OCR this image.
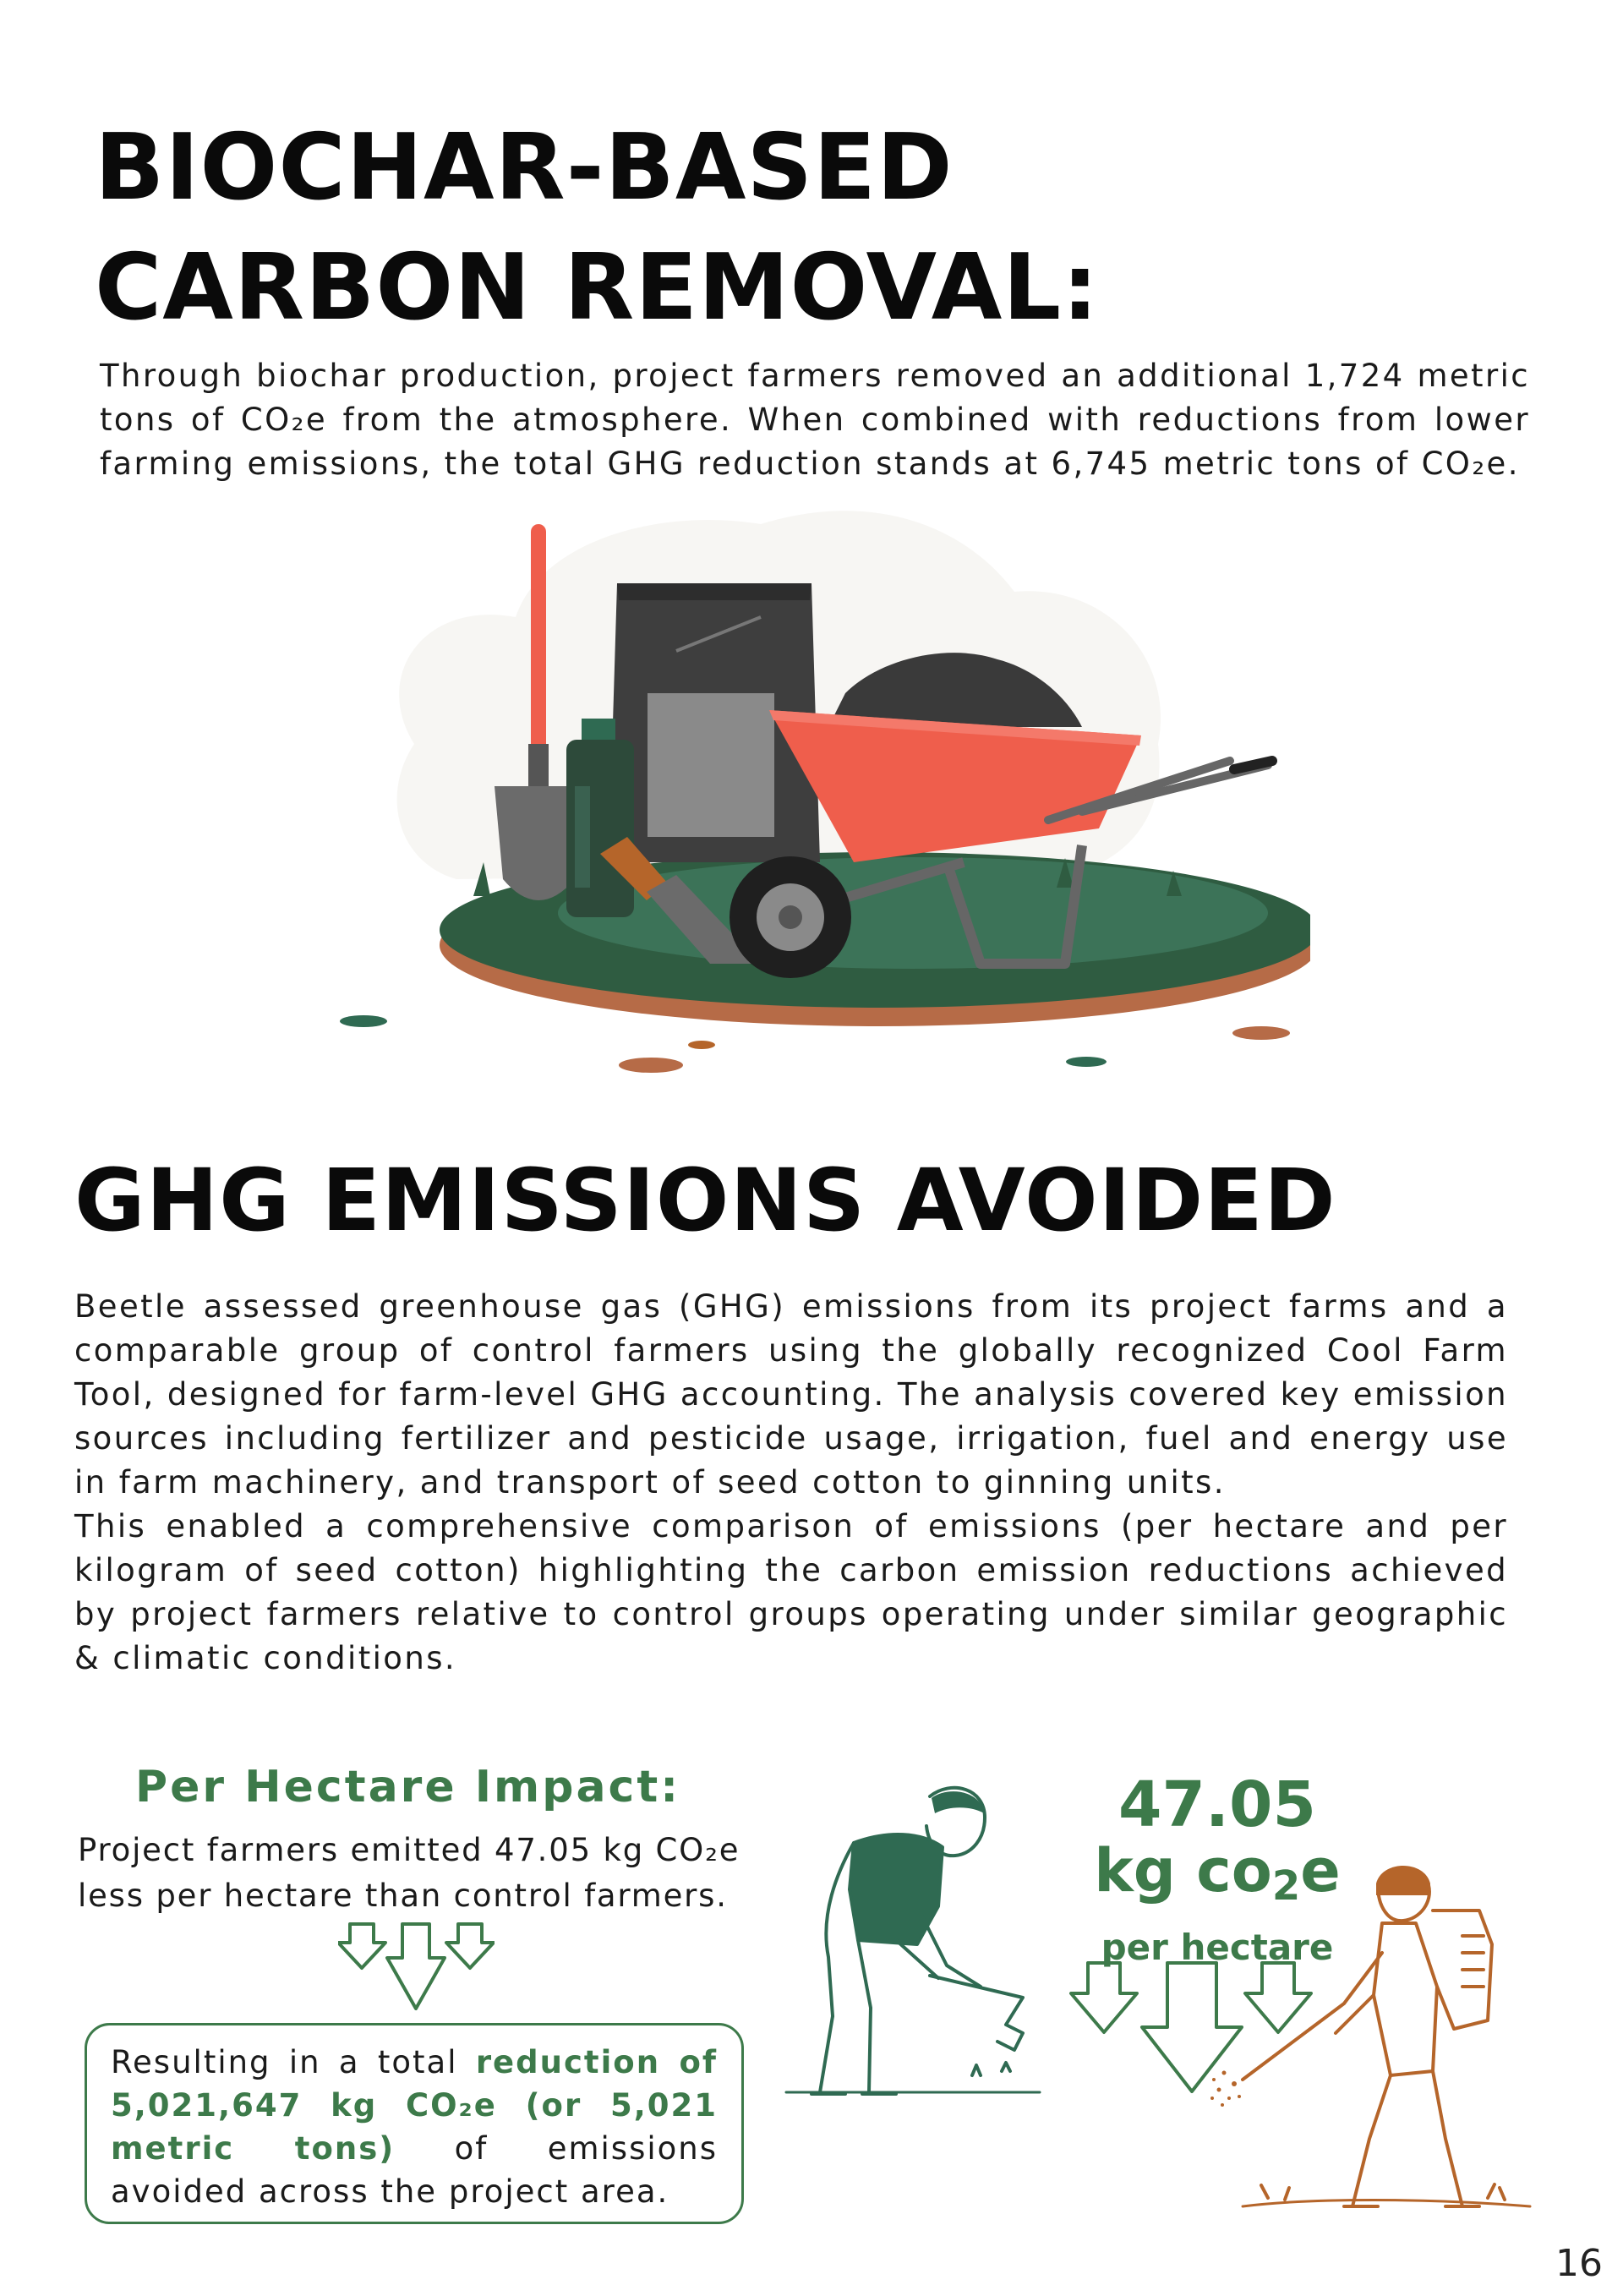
BIOCHAR-BASED
CARBON REMOVAL:
Through biochar production, project farmers removed an additional 1,724 metric tons of CO₂e from the atmosphere. When combined with reductions from lower farming emissions, the total GHG reduction stands at 6,745 metric tons of CO₂e.
GHG EMISSIONS AVOIDED

Beetle assessed greenhouse gas (GHG) emissions from its project farms and a comparable group of control farmers using the globally recognized Cool Farm Tool, designed for farm-level GHG accounting. The analysis covered key emission sources including fertilizer and pesticide usage, irrigation, fuel and energy use in farm machinery, and transport of seed cotton to ginning units.

This enabled a comprehensive comparison of emissions (per hectare and per kilogram of seed cotton) highlighting the carbon emission reductions achieved by project farmers relative to control groups operating under similar geographic & climatic conditions.

Per Hectare Impact:
Project farmers emitted 47.05 kg CO₂e less per hectare than control farmers.
Resulting in a total reduction of 5,021,647 kg CO₂e (or 5,021 metric tons) of emissions avoided across the project area.
47.05
kg $co_2e$
per hectare
16
